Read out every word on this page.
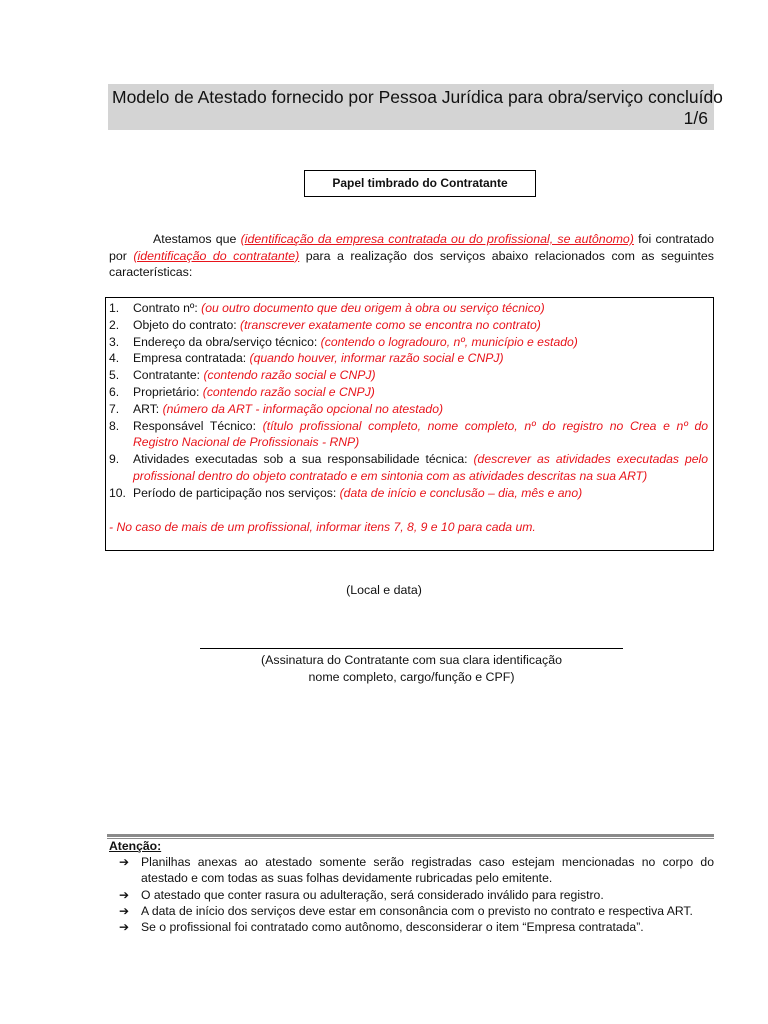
Modelo de Atestado fornecido por Pessoa Jurídica para obra/serviço concluído
1/6
Papel timbrado do Contratante
Atestamos que (identificação da empresa contratada ou do profissional, se autônomo) foi contratado por (identificação do contratante) para a realização dos serviços abaixo relacionados com as seguintes características:
1.	Contrato nº: (ou outro documento que deu origem à obra ou serviço técnico)
2.	Objeto do contrato: (transcrever exatamente como se encontra no contrato)
3.	Endereço da obra/serviço técnico: (contendo o logradouro, nº, município e estado)
4.	Empresa contratada: (quando houver, informar razão social e CNPJ)
5.	Contratante: (contendo razão social e CNPJ)
6.	Proprietário: (contendo razão social e CNPJ)
7.	ART: (número da ART - informação opcional no atestado)
8.	Responsável Técnico: (título profissional completo, nome completo, nº do registro no Crea e nº do Registro Nacional de Profissionais - RNP)
9.	Atividades executadas sob a sua responsabilidade técnica: (descrever as atividades executadas pelo profissional dentro do objeto contratado e em sintonia com as atividades descritas na sua ART)
10. Período de participação nos serviços: (data de início e conclusão – dia, mês e ano)
- No caso de mais de um profissional, informar itens 7, 8, 9 e 10 para cada um.
(Local e data)
(Assinatura do Contratante com sua clara identificação
nome completo, cargo/função e CPF)
Atenção:
➔ Planilhas anexas ao atestado somente serão registradas caso estejam mencionadas no corpo do atestado e com todas as suas folhas devidamente rubricadas pelo emitente.
➔ O atestado que conter rasura ou adulteração, será considerado inválido para registro.
➔ A data de início dos serviços deve estar em consonância com o previsto no contrato e respectiva ART.
➔ Se o profissional foi contratado como autônomo, desconsiderar o item “Empresa contratada”.
